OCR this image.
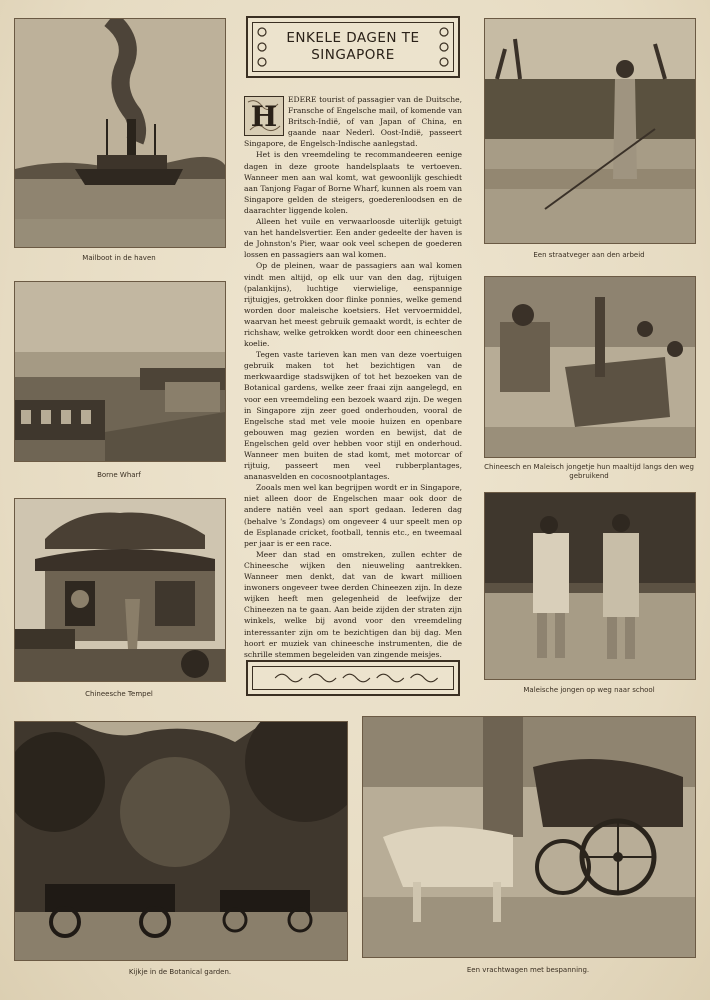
Mailboot in de haven
Borne Wharf
Chineesche Tempel
ENKELE DAGEN TE
SINGAPORE
H

EDERE tourist of passagier van de Duitsche, Fransche of Engelsche mail, of komende van Britsch-Indië, of van Japan of China, en gaande naar Nederl. Oost-Indië, passeert Singapore, de Engelsch-Indische aanlegstad.

Het is den vreemdeling te recommandeeren eenige dagen in deze groote handelsplaats te vertoeven. Wanneer men aan wal komt, wat gewoonlijk geschiedt aan Tanjong Fagar of Borne Wharf, kunnen als roem van Singapore gelden de steigers, goederenloodsen en de daarachter liggende kolen.

Alleen het vuile en verwaarloosde uiterlijk getuigt van het handelsvertier. Een ander gedeelte der haven is de Johnston's Pier, waar ook veel schepen de goederen lossen en passagiers aan wal komen.

Op de pleinen, waar de passagiers aan wal komen vindt men altijd, op elk uur van den dag, rijtuigen (palankijns), luchtige vierwielige, eenspannige rijtuigjes, getrokken door flinke ponnies, welke gemend worden door maleische koetsiers. Het vervoermiddel, waarvan het meest gebruik gemaakt wordt, is echter de richshaw, welke getrokken wordt door een chineeschen koelie.

Tegen vaste tarieven kan men van deze voertuigen gebruik maken tot het bezichtigen van de merkwaardige stadswijken of tot het bezoeken van de Botanical gardens, welke zeer fraai zijn aangelegd, en voor een vreemdeling een bezoek waard zijn. De wegen in Singapore zijn zeer goed onderhouden, vooral de Engelsche stad met vele mooie huizen en openbare gebouwen mag gezien worden en bewijst, dat de Engelschen geld over hebben voor stijl en onderhoud. Wanneer men buiten de stad komt, met motorcar of rijtuig, passeert men veel rubberplantages, ananasvelden en cocosnootplantages.

Zooals men wel kan begrijpen wordt er in Singapore, niet alleen door de Engelschen maar ook door de andere natiën veel aan sport gedaan. Iederen dag (behalve 's Zondags) om ongeveer 4 uur speelt men op de Esplanade cricket, football, tennis etc., en tweemaal per jaar is er een race.

Meer dan stad en omstreken, zullen echter de Chineesche wijken den nieuweling aantrekken. Wanneer men denkt, dat van de kwart millioen inwoners ongeveer twee derden Chineezen zijn. In deze wijken heeft men gelegenheid de leefwijze der Chineezen na te gaan. Aan beide zijden der straten zijn winkels, welke bij avond voor den vreemdeling interessanter zijn om te bezichtigen dan bij dag. Men hoort er muziek van chineesche instrumenten, die de schrille stemmen begeleiden van zingende meisjes.

Een straatveger aan den arbeid
Chineesch en Maleisch jongetje hun maaltijd langs den weg gebruikend
Maleische jongen op weg naar school
Kijkje in de Botanical garden.	Een vrachtwagen met bespanning.
